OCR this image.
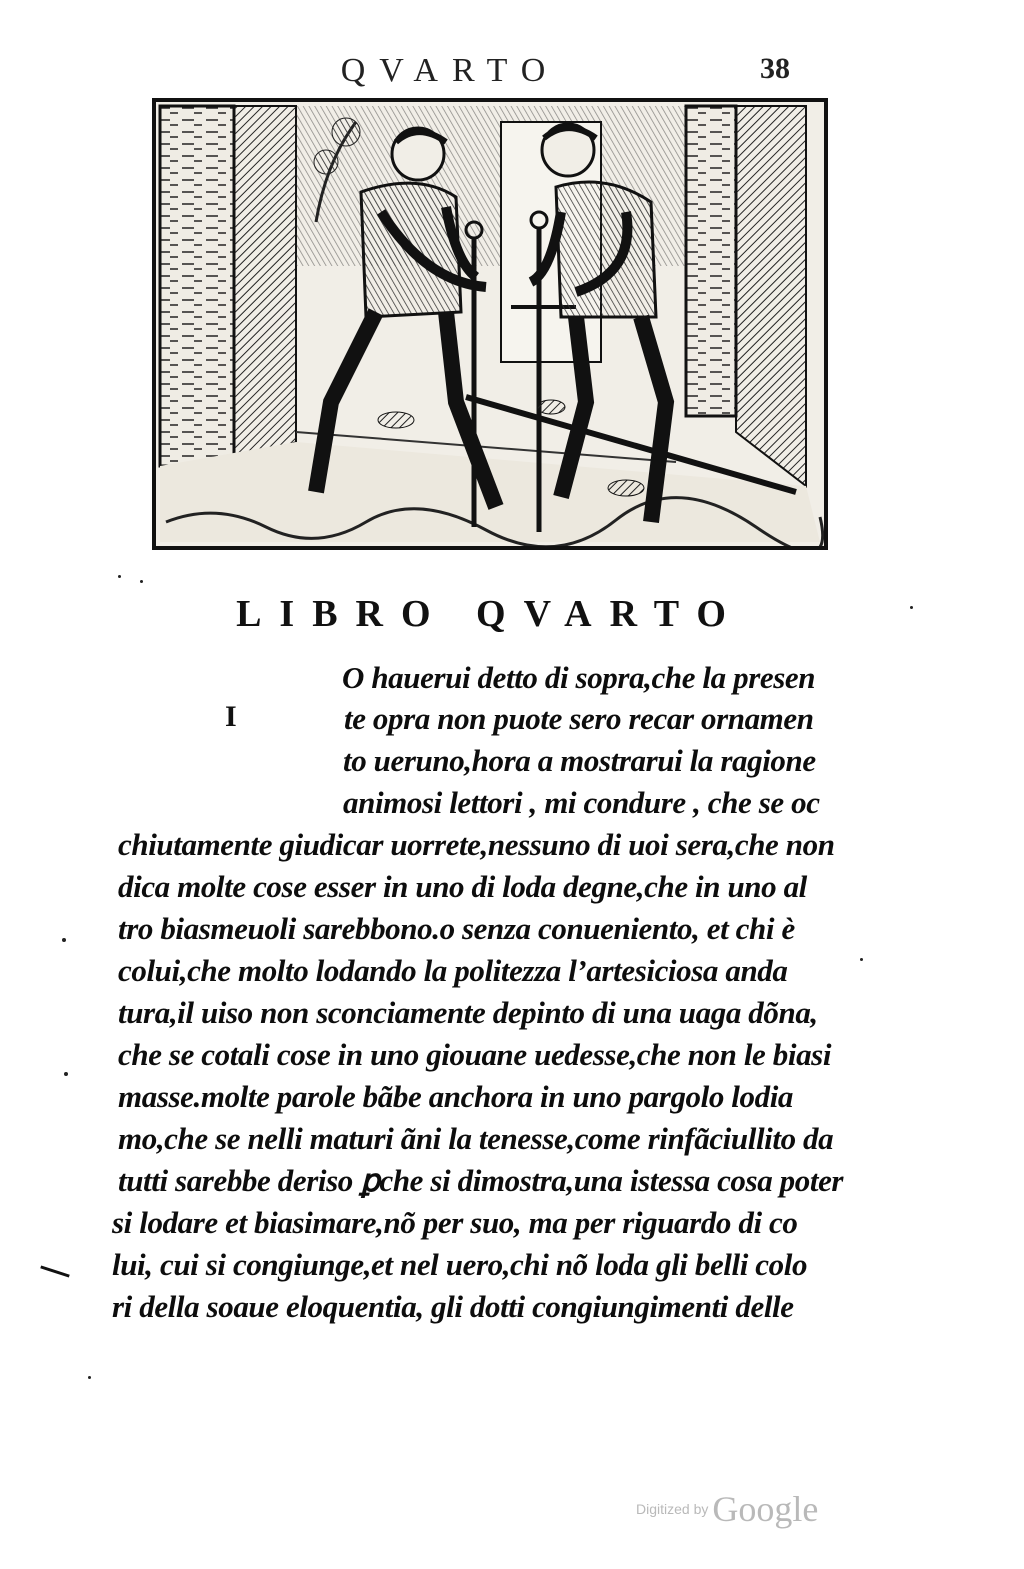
QVARTO	38
LIBRO QVARTO
I
O hauerui detto di sopra,che la presen
te opra non puote sero recar ornamen
to ueruno,hora a mostrarui la ragione
animosi lettori , mi condure , che se oc
chiutamente giudicar uorrete,nessuno di uoi sera,che non
dica molte cose esser in uno di loda degne,che in uno al
tro biasmeuoli sarebbono.o senza conueniento, et chi è
colui,che molto lodando la politezza l’artesiciosa anda
tura,il uiso non sconciamente depinto di una uaga dõna,
che se cotali cose in uno giouane uedesse,che non le biasi
masse.molte parole bãbe anchora in uno pargolo lodia
mo,che se nelli maturi ãni la tenesse,come rinfãciullito da
tutti sarebbe deriso ꝑche si dimostra,una istessa cosa poter
si lodare et biasimare,nõ per suo, ma per riguardo di co
lui, cui si congiunge,et nel uero,chi nõ loda gli belli colo
ri della soaue eloquentia, gli dotti congiungimenti delle
Digitized by Google
